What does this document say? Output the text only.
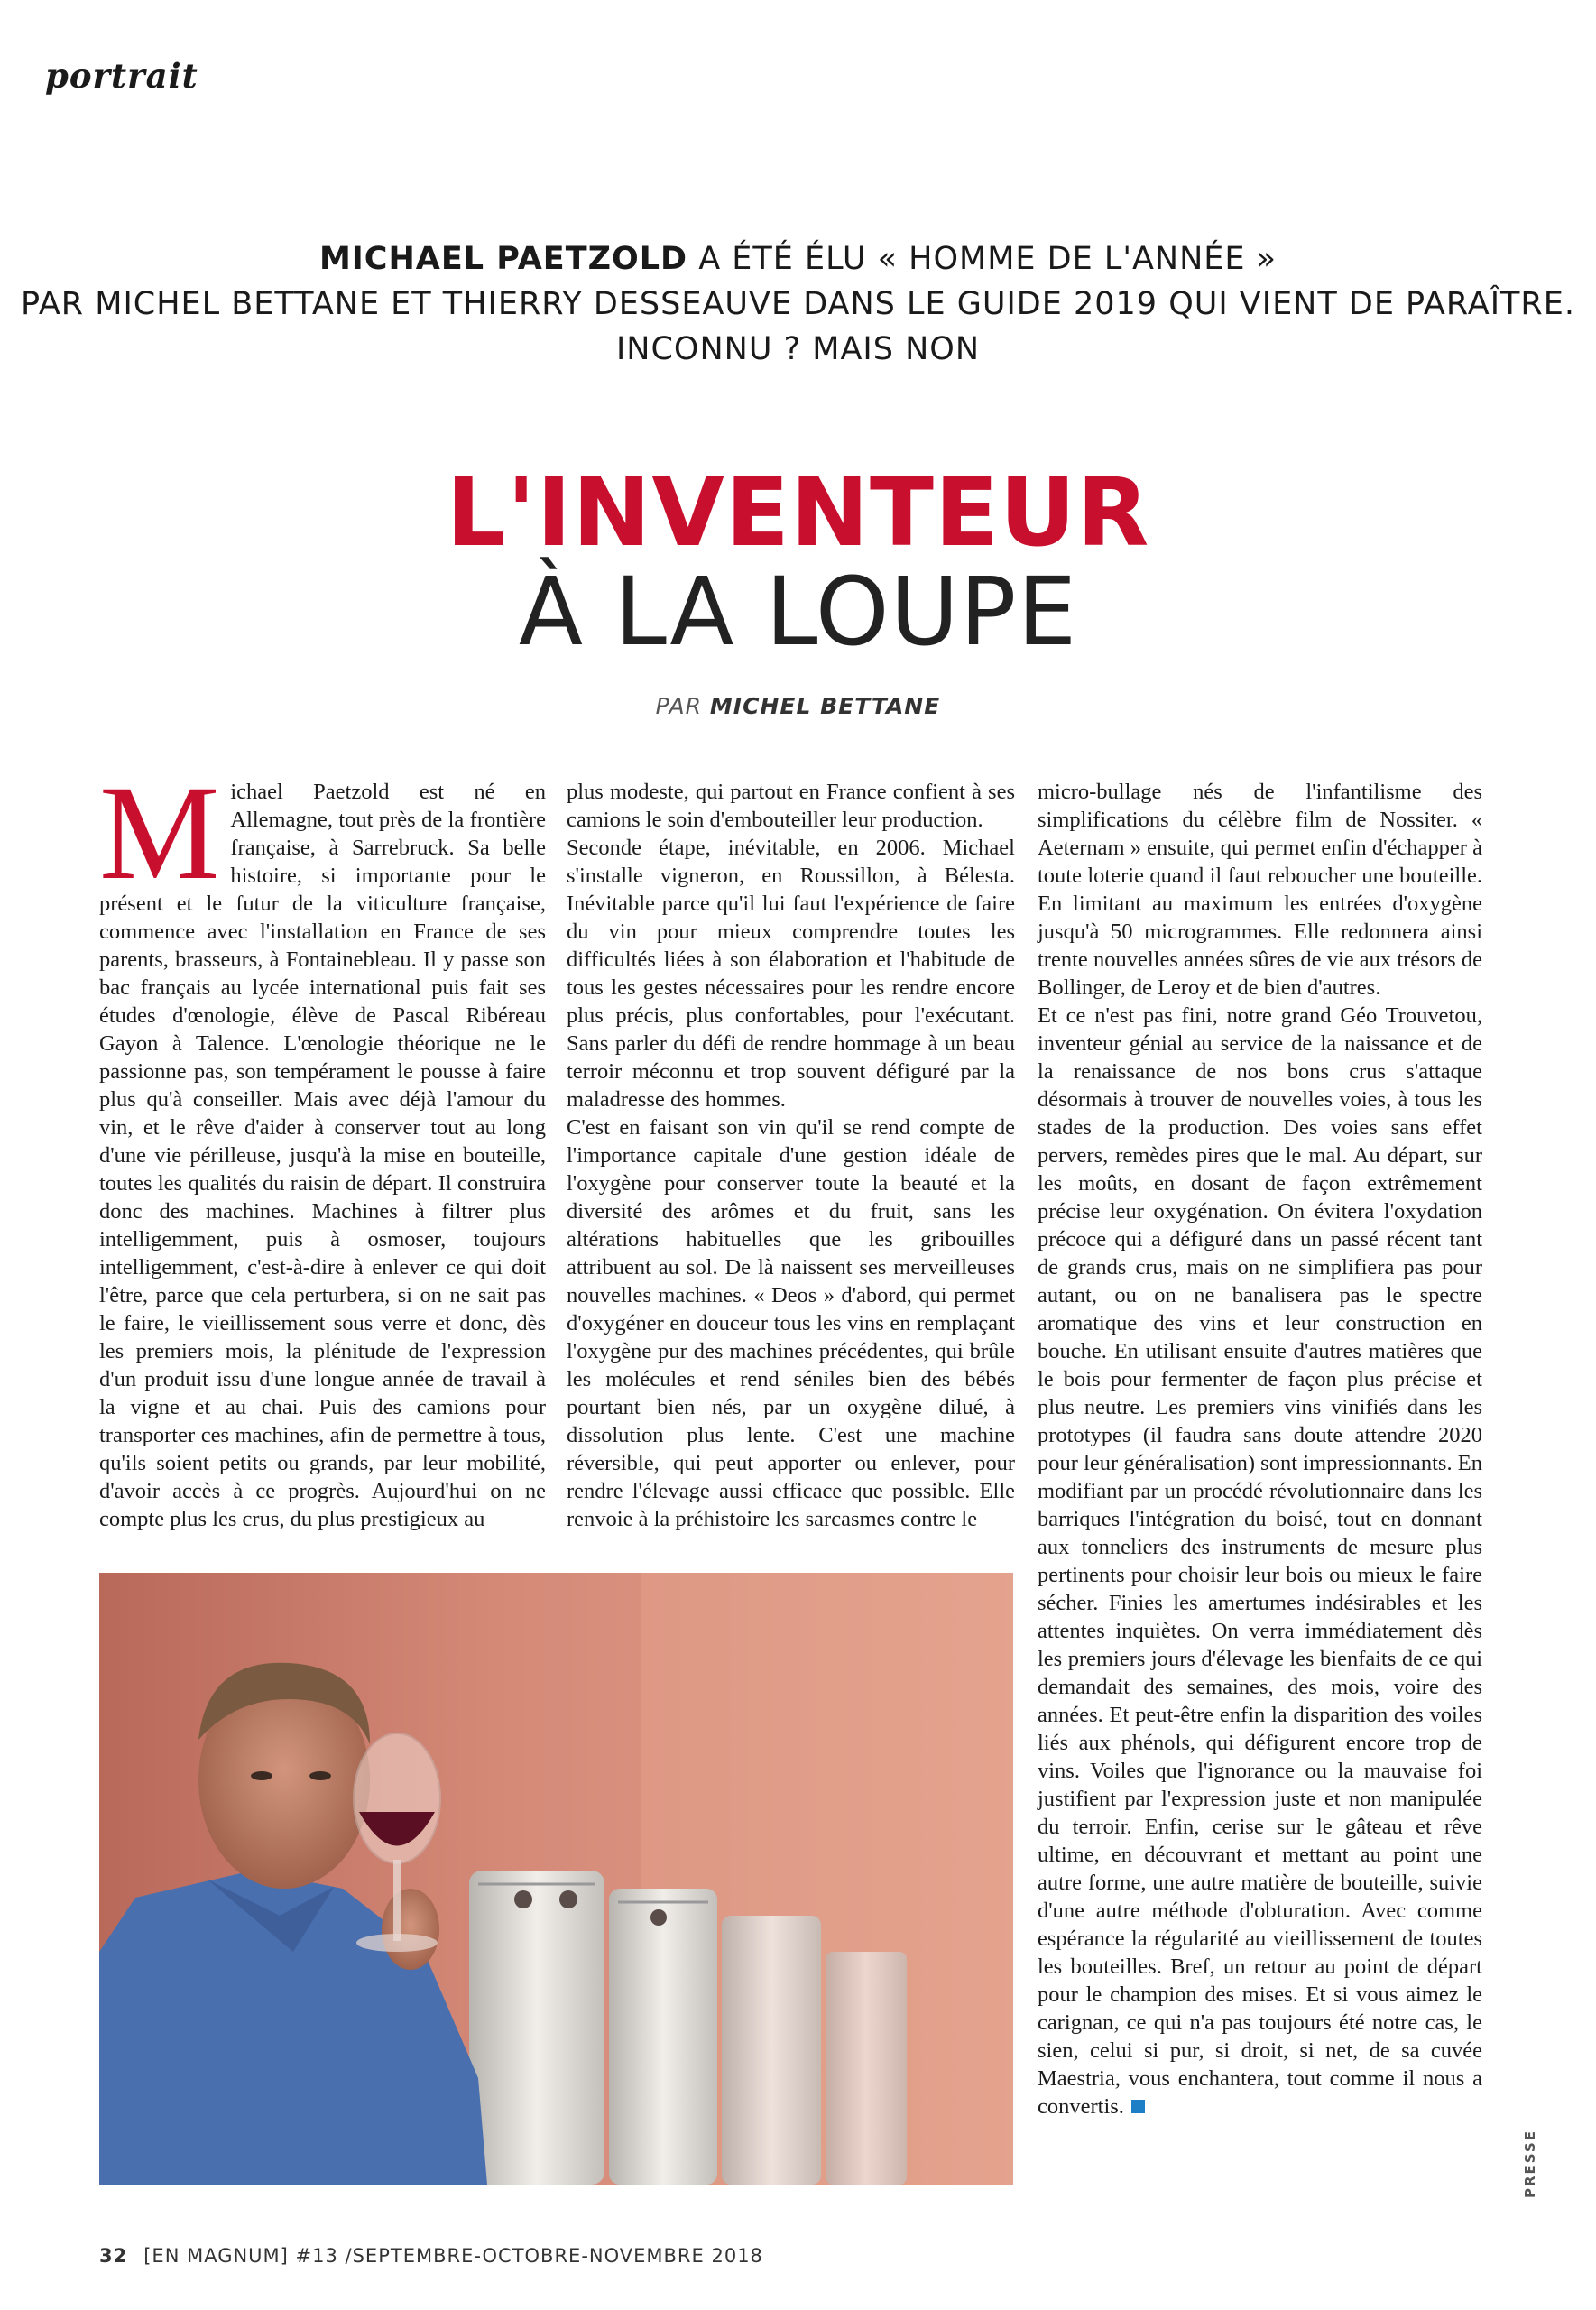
portrait
MICHAEL PAETZOLD A ÉTÉ ÉLU « HOMME DE L'ANNÉE »
PAR MICHEL BETTANE ET THIERRY DESSEAUVE DANS LE GUIDE 2019 QUI VIENT DE PARAÎTRE.
INCONNU ? MAIS NON
L'INVENTEUR
À LA LOUPE
PAR MICHEL BETTANE

Michael Paetzold est né en Allemagne, tout près de la frontière française, à Sarrebruck. Sa belle histoire, si importante pour le présent et le futur de la viticulture française, commence avec l'installation en France de ses parents, brasseurs, à Fontainebleau. Il y passe son bac français au lycée international puis fait ses études d'œnologie, élève de Pascal Ribéreau Gayon à Talence. L'œnologie théorique ne le passionne pas, son tempérament le pousse à faire plus qu'à conseiller. Mais avec déjà l'amour du vin, et le rêve d'aider à conserver tout au long d'une vie périlleuse, jusqu'à la mise en bouteille, toutes les qualités du raisin de départ. Il construira donc des machines. Machines à filtrer plus intelligemment, puis à osmoser, toujours intelligemment, c'est-à-dire à enlever ce qui doit l'être, parce que cela perturbera, si on ne sait pas le faire, le vieillissement sous verre et donc, dès les premiers mois, la plénitude de l'expression d'un produit issu d'une longue année de travail à la vigne et au chai. Puis des camions pour transporter ces machines, afin de permettre à tous, qu'ils soient petits ou grands, par leur mobilité, d'avoir accès à ce progrès. Aujourd'hui on ne compte plus les crus, du plus prestigieux au

plus modeste, qui partout en France confient à ses camions le soin d'embouteiller leur production.

Seconde étape, inévitable, en 2006. Michael s'installe vigneron, en Roussillon, à Bélesta. Inévitable parce qu'il lui faut l'expérience de faire du vin pour mieux comprendre toutes les difficultés liées à son élaboration et l'habitude de tous les gestes nécessaires pour les rendre encore plus précis, plus confortables, pour l'exécutant. Sans parler du défi de rendre hommage à un beau terroir méconnu et trop souvent défiguré par la maladresse des hommes.

C'est en faisant son vin qu'il se rend compte de l'importance capitale d'une gestion idéale de l'oxygène pour conserver toute la beauté et la diversité des arômes et du fruit, sans les altérations habituelles que les gribouilles attribuent au sol. De là naissent ses merveilleuses nouvelles machines. « Deos » d'abord, qui permet d'oxygéner en douceur tous les vins en remplaçant l'oxygène pur des machines précédentes, qui brûle les molécules et rend séniles bien des bébés pourtant bien nés, par un oxygène dilué, à dissolution plus lente. C'est une machine réversible, qui peut apporter ou enlever, pour rendre l'élevage aussi efficace que possible. Elle renvoie à la préhistoire les sarcasmes contre le

micro-bullage nés de l'infantilisme des simplifications du célèbre film de Nossiter. « Aeternam » ensuite, qui permet enfin d'échapper à toute loterie quand il faut reboucher une bouteille. En limitant au maximum les entrées d'oxygène jusqu'à 50 microgrammes. Elle redonnera ainsi trente nouvelles années sûres de vie aux trésors de Bollinger, de Leroy et de bien d'autres.

Et ce n'est pas fini, notre grand Géo Trouvetou, inventeur génial au service de la naissance et de la renaissance de nos bons crus s'attaque désormais à trouver de nouvelles voies, à tous les stades de la production. Des voies sans effet pervers, remèdes pires que le mal. Au départ, sur les moûts, en dosant de façon extrêmement précise leur oxygénation. On évitera l'oxydation précoce qui a défiguré dans un passé récent tant de grands crus, mais on ne simplifiera pas pour autant, ou on ne banalisera pas le spectre aromatique des vins et leur construction en bouche. En utilisant ensuite d'autres matières que le bois pour fermenter de façon plus précise et plus neutre. Les premiers vins vinifiés dans les prototypes (il faudra sans doute attendre 2020 pour leur généralisation) sont impressionnants. En modifiant par un procédé révolutionnaire dans les barriques l'intégration du boisé, tout en donnant aux tonneliers des instruments de mesure plus pertinents pour choisir leur bois ou mieux le faire sécher. Finies les amertumes indésirables et les attentes inquiètes. On verra immédiatement dès les premiers jours d'élevage les bienfaits de ce qui demandait des semaines, des mois, voire des années. Et peut-être enfin la disparition des voiles liés aux phénols, qui défigurent encore trop de vins. Voiles que l'ignorance ou la mauvaise foi justifient par l'expression juste et non manipulée du terroir. Enfin, cerise sur le gâteau et rêve ultime, en découvrant et mettant au point une autre forme, une autre matière de bouteille, suivie d'une autre méthode d'obturation. Avec comme espérance la régularité au vieillissement de toutes les bouteilles. Bref, un retour au point de départ pour le champion des mises. Et si vous aimez le carignan, ce qui n'a pas toujours été notre cas, le sien, celui si pur, si droit, si net, de sa cuvée Maestria, vous enchantera, tout comme il nous a convertis.

PRESSE
32 [EN MAGNUM] #13 /SEPTEMBRE-OCTOBRE-NOVEMBRE 2018
